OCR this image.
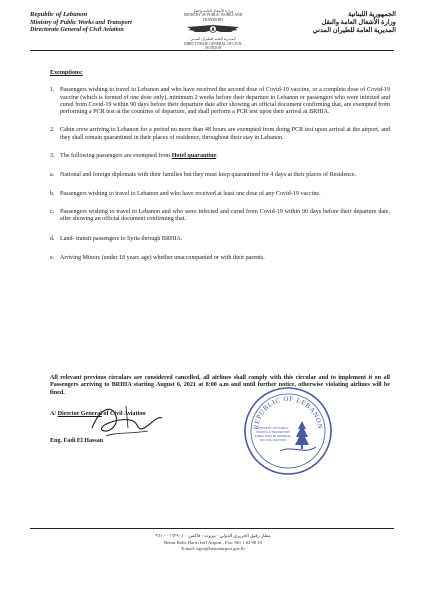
Republic of Lebanon
Ministry of Public Works and Transport
Directorate General of Civil Aviation
وزارة الأشغال العامة والنقل
MINISTRY OF PUBLIC WORKS AND TRANSPORT
المديرية العامة للطيران المدني
DIRECTORATE GENERAL OF CIVIL AVIATION
الجمهورية اللبنانية
وزارة الأشغال العامة والنقل
المديرية العامة للطيران المدني
Exemptions:
1. Passengers wishing to travel to Lebanon and who have received the second dose of Covid-19 vaccine, or a complete dose of Covid-19 vaccine (which is formed of one dose only), minimum 2 weeks before their departure to Lebanon or passengers who were infected and cured from Covid-19 within 90 days before their departure date after showing an official document confirming that, are exempted from performing a PCR test at the countries of departure, and shall perform a PCR test upon their arrival at BRHIA.
2. Cabin crew arriving to Lebanon for a period no more than 48 hours are exempted from doing PCR test upon arrival at the airport, and they shall remain quarantined in their places of residence, throughout their stay in Lebanon.
3. The following passengers are exempted from Hotel quarantine:
a. National and foreign diplomats with their families but they must keep quarantined for 4 days at their places of Residence.
b. Passengers wishing to travel to Lebanon and who have received at least one dose of any Covid-19 vaccine.
c. Passengers wishing to travel to Lebanon and who were infected and cured from Covid-19 within 90 days before their departure date, after showing an official document confirming that.
d. Land- transit passengers to Syria through BRHIA.
e. Arriving Minors (under 18 years age) whether unaccompanied or with their parents.
All relevant previous circulars are considered cancelled, all airlines shall comply with this circular and to implement it on all Passengers arriving to BRHIA starting August 6, 2021 at 8:00 a.m and until further notice, otherwise violating airlines will be fined.
A/ Director General of Civil Aviation
Eng. Fadi El Hassan
REPUBLIC OF LEBANON
MINISTRY OF PUBLIC
WORKS & TRANSPORT
DIRECTORATE GENERAL
OF CIVIL AVIATION
مطار رفيق الحريري الدولي - بيروت - فاكس: ٠١٦٢٩٠١٠ - ٩٦١
Beirut Rafic Hariri Int'l Airport , Fax: 961 1 62 90 10
E-mail: dgca@beirutairport.gov.lb
